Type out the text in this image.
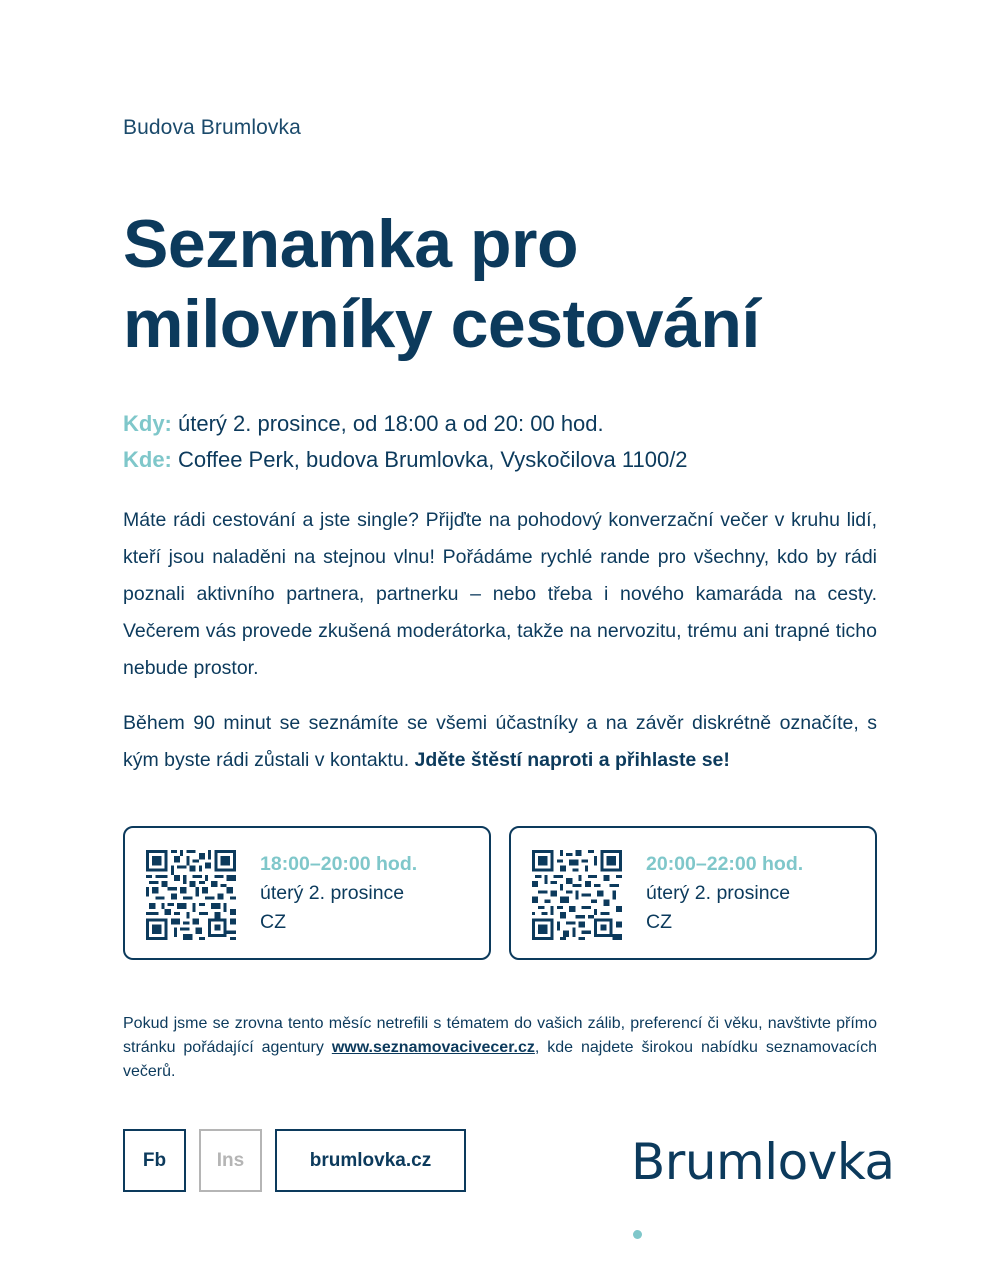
Budova Brumlovka
Seznamka pro
milovníky cestování
Kdy: úterý 2. prosince, od 18:00 a od 20: 00 hod.
Kde: Coffee Perk, budova Brumlovka, Vyskočilova 1100/2

Máte rádi cestování a jste single? Přijďte na pohodový konverzační večer v kruhu lidí, kteří jsou naladěni na stejnou vlnu! Pořádáme rychlé rande pro všechny, kdo by rádi poznali aktivního partnera, partnerku – nebo třeba i nového kamaráda na cesty. Večerem vás provede zkušená moderátorka, takže na nervozitu, trému ani trapné ticho nebude prostor.

Během 90 minut se seznámíte se všemi účastníky a na závěr diskrétně označíte, s kým byste rádi zůstali v kontaktu. Jděte štěstí naproti a přihlaste se!

18:00–20:00 hod.
úterý 2. prosince
CZ
20:00–22:00 hod.
úterý 2. prosince
CZ

Pokud jsme se zrovna tento měsíc netrefili s tématem do vašich zálib, preferencí či věku, navštivte přímo stránku pořádající agentury www.seznamovacivecer.cz, kde najdete širokou nabídku seznamovacích večerů.

Fb	Ins	brumlovka.cz	Brumlovka
